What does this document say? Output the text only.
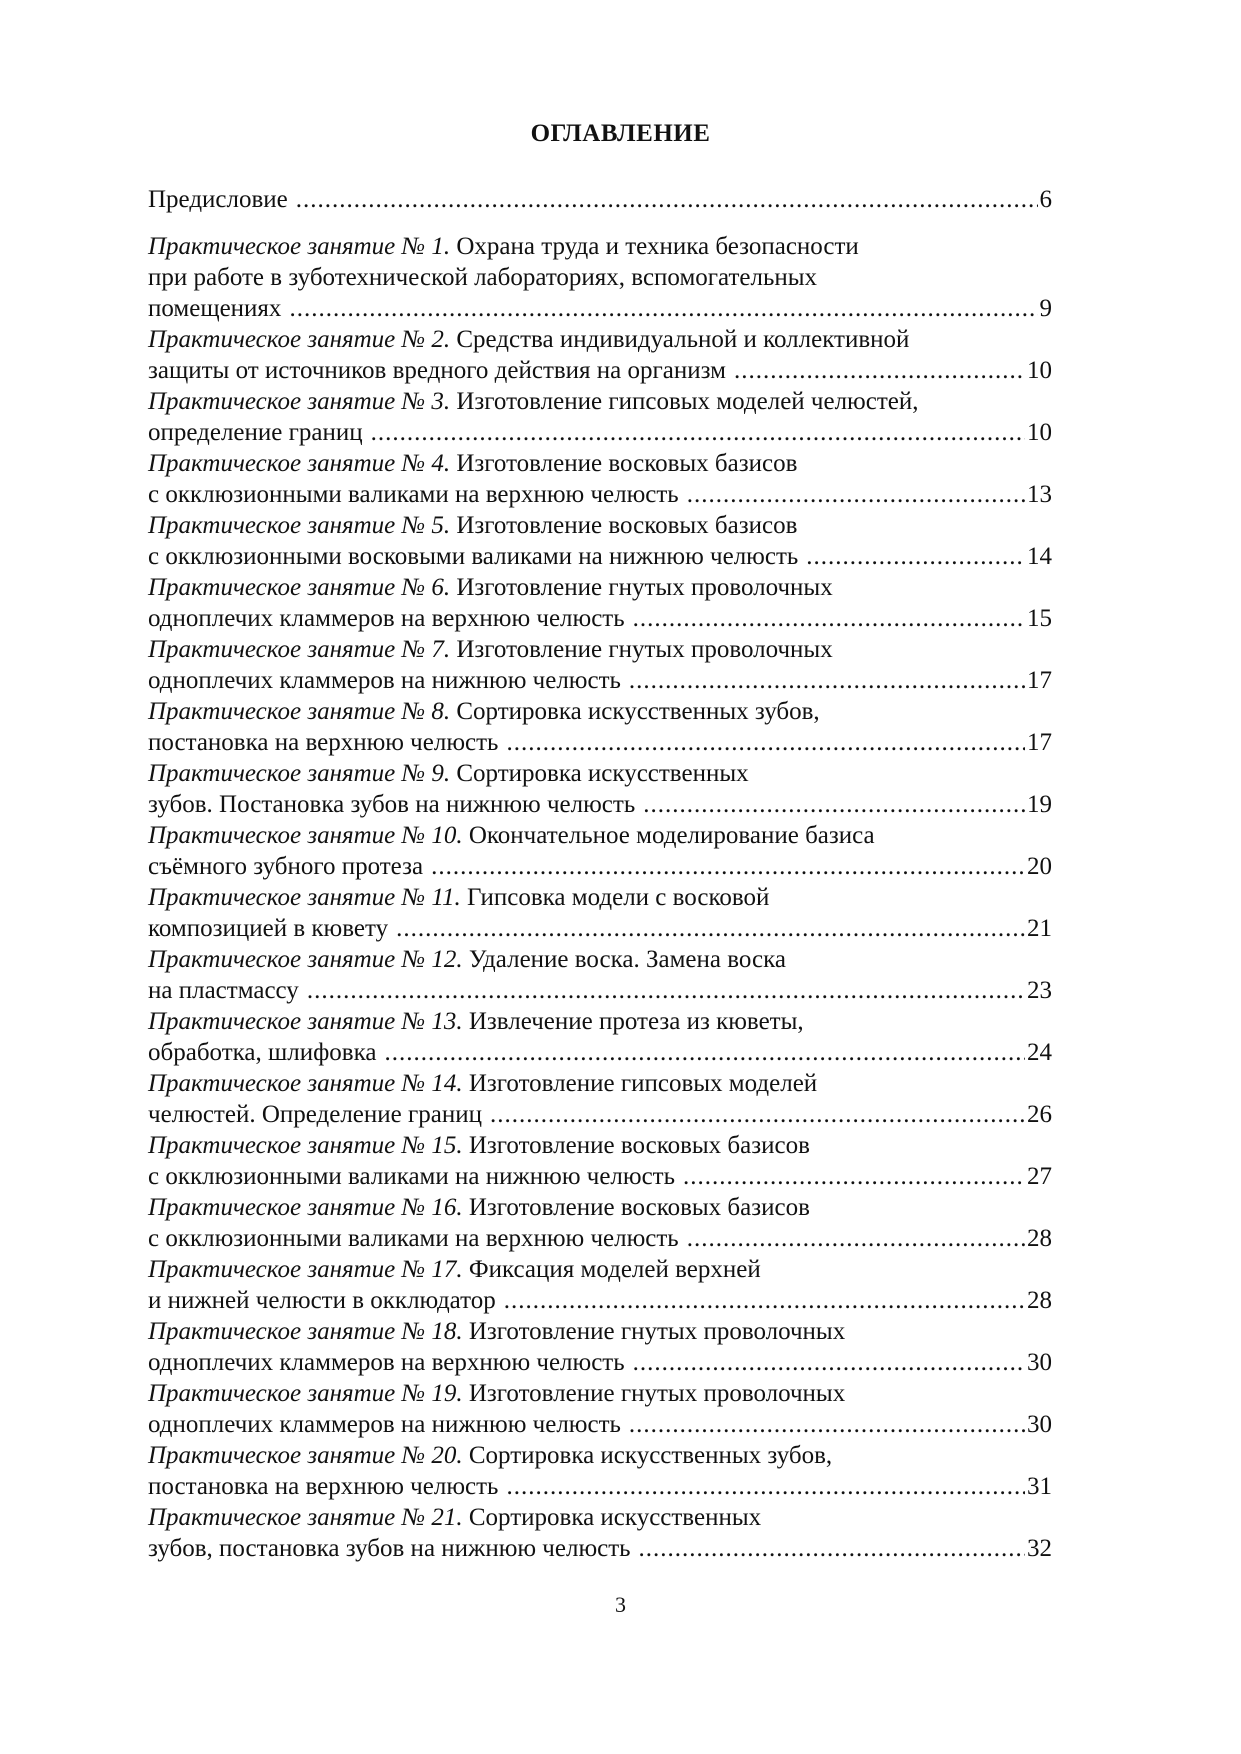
ОГЛАВЛЕНИЕ
Предисловие .....	6
Практическое занятие № 1. Охрана труда и техника безопасности
при работе в зуботехнической лабораториях, вспомогательных
помещениях .....	9
Практическое занятие № 2. Средства индивидуальной и коллективной
защиты от источников вредного действия на организм .....	10
Практическое занятие № 3. Изготовление гипсовых моделей челюстей,
определение границ .....	10
Практическое занятие № 4. Изготовление восковых базисов
с окклюзионными валиками на верхнюю челюсть .....	13
Практическое занятие № 5. Изготовление восковых базисов
с окклюзионными восковыми валиками на нижнюю челюсть .....	14
Практическое занятие № 6. Изготовление гнутых проволочных
одноплечих кламмеров на верхнюю челюсть .....	15
Практическое занятие № 7. Изготовление гнутых проволочных
одноплечих кламмеров на нижнюю челюсть .....	17
Практическое занятие № 8. Сортировка искусственных зубов,
постановка на верхнюю челюсть .....	17
Практическое занятие № 9. Сортировка искусственных
зубов. Постановка зубов на нижнюю челюсть .....	19
Практическое занятие № 10. Окончательное моделирование базиса
съёмного зубного протеза .....	20
Практическое занятие № 11. Гипсовка модели с восковой
композицией в кювету .....	21
Практическое занятие № 12. Удаление воска. Замена воска
на пластмассу .....	23
Практическое занятие № 13. Извлечение протеза из кюветы,
обработка, шлифовка .....	24
Практическое занятие № 14. Изготовление гипсовых моделей
челюстей. Определение границ .....	26
Практическое занятие № 15. Изготовление восковых базисов
с окклюзионными валиками на нижнюю челюсть .....	27
Практическое занятие № 16. Изготовление восковых базисов
с окклюзионными валиками на верхнюю челюсть .....	28
Практическое занятие № 17. Фиксация моделей верхней
и нижней челюсти в окклюдатор .....	28
Практическое занятие № 18. Изготовление гнутых проволочных
одноплечих кламмеров на верхнюю челюсть .....	30
Практическое занятие № 19. Изготовление гнутых проволочных
одноплечих кламмеров на нижнюю челюсть .....	30
Практическое занятие № 20. Сортировка искусственных зубов,
постановка на верхнюю челюсть .....	31
Практическое занятие № 21. Сортировка искусственных
зубов, постановка зубов на нижнюю челюсть .....	32
3
